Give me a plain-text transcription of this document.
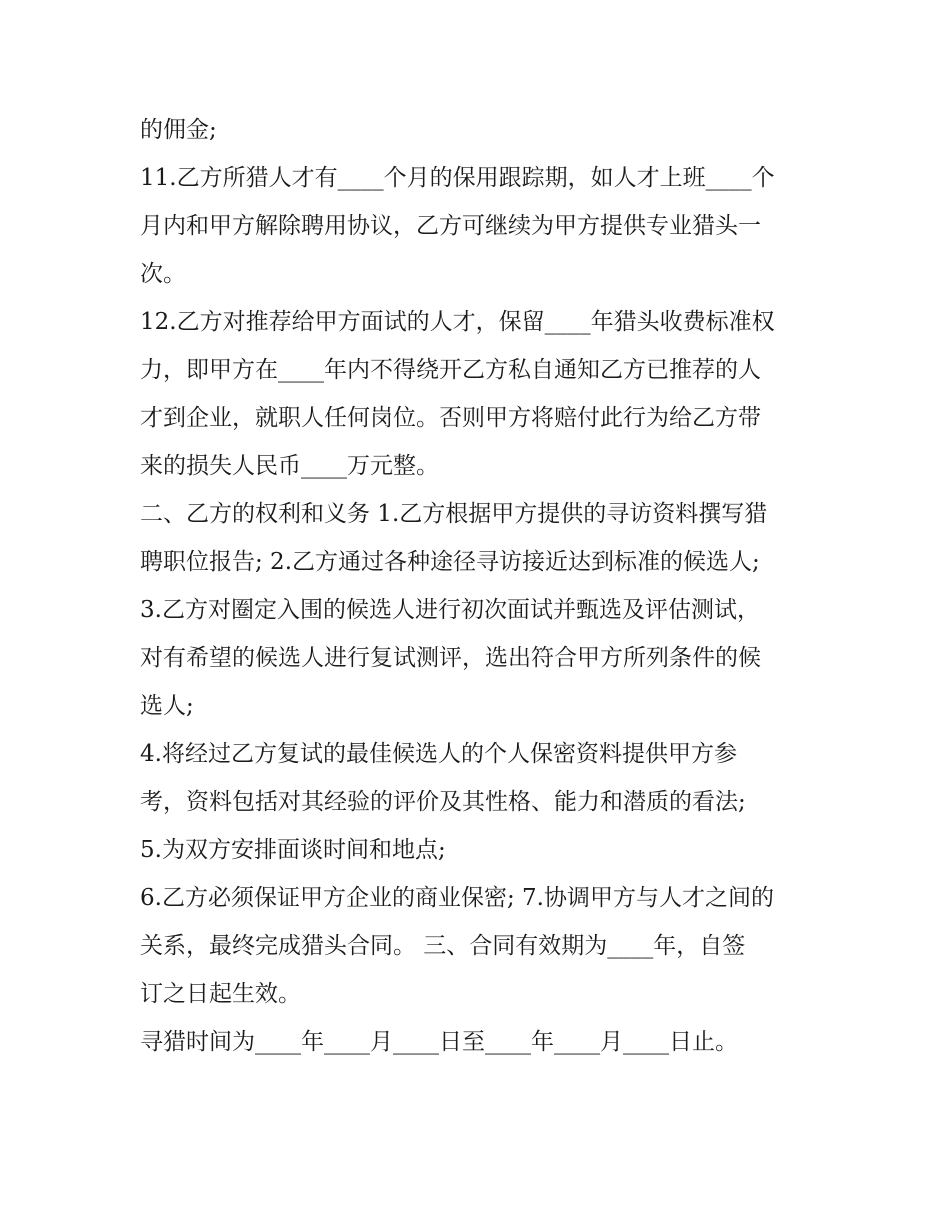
的佣金;
11.乙方所猎人才有____个月的保用跟踪期，如人才上班____个
月内和甲方解除聘用协议，乙方可继续为甲方提供专业猎头一
次。
12.乙方对推荐给甲方面试的人才，保留____年猎头收费标准权
力，即甲方在____年内不得绕开乙方私自通知乙方已推荐的人
才到企业，就职人任何岗位。否则甲方将赔付此行为给乙方带
来的损失人民币____万元整。
二、乙方的权利和义务 1.乙方根据甲方提供的寻访资料撰写猎
聘职位报告; 2.乙方通过各种途径寻访接近达到标准的候选人;
3.乙方对圈定入围的候选人进行初次面试并甄选及评估测试，
对有希望的候选人进行复试测评，选出符合甲方所列条件的候
选人;
4.将经过乙方复试的最佳候选人的个人保密资料提供甲方参
考，资料包括对其经验的评价及其性格、能力和潜质的看法;
5.为双方安排面谈时间和地点;
6.乙方必须保证甲方企业的商业保密; 7.协调甲方与人才之间的
关系，最终完成猎头合同。 三、合同有效期为____年，自签
订之日起生效。
寻猎时间为____年____月____日至____年____月____日止。
